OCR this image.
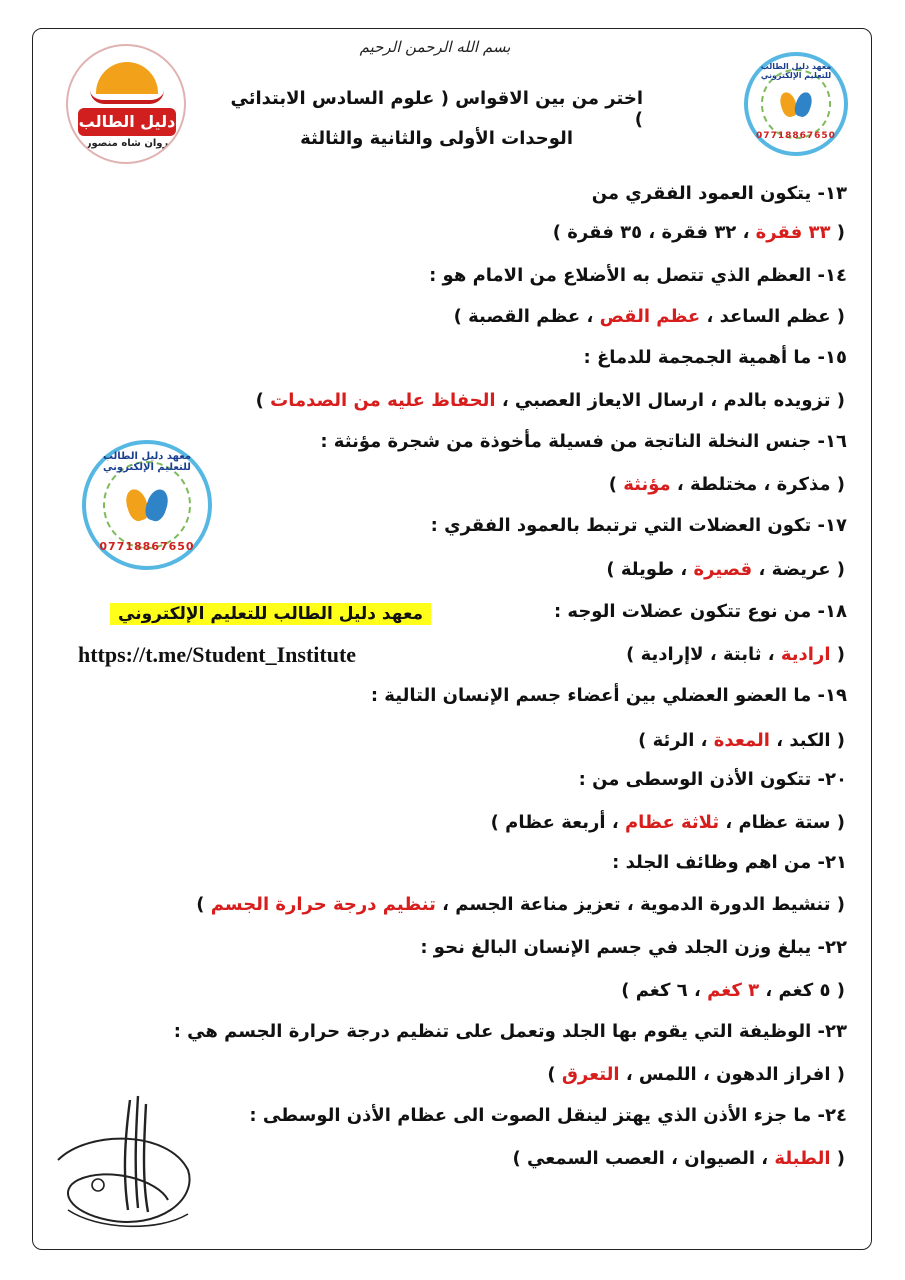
بسم الله الرحمن الرحيم
اختر من بين الاقواس ( علوم السادس الابتدائي )
الوحدات الأولى والثانية والثالثة
دليل الطالب
روان شاه منصور
معهد دليل الطالب للتعليم الإلكتروني
07718867650
معهد دليل الطالب للتعليم الإلكتروني
07718867650
معهد دليل الطالب للتعليم الإلكتروني
https://t.me/Student_Institute
١٣- يتكون العمود الفقري من
( ٣٣ فقرة ، ٣٢ فقرة ، ٣٥ فقرة )
١٤- العظم الذي تتصل به الأضلاع من الامام هو :
( عظم الساعد ، عظم القص ، عظم القصبة )
١٥- ما أهمية الجمجمة للدماغ :
( تزويده بالدم ، ارسال الايعاز العصبي ، الحفاظ عليه من الصدمات )
١٦- جنس النخلة الناتجة من فسيلة مأخوذة من شجرة مؤنثة :
( مذكرة ، مختلطة ، مؤنثة )
١٧- تكون العضلات التي ترتبط بالعمود الفقري :
( عريضة ، قصيرة ، طويلة )
١٨- من نوع تتكون عضلات الوجه :
( ارادية ، ثابتة ، لاإرادية )
١٩- ما العضو العضلي بين أعضاء جسم الإنسان التالية :
( الكبد ، المعدة ، الرئة )
٢٠- تتكون الأذن الوسطى من :
( ستة عظام ، ثلاثة عظام ، أربعة عظام )
٢١- من اهم وظائف الجلد :
( تنشيط الدورة الدموية ، تعزيز مناعة الجسم ، تنظيم درجة حرارة الجسم )
٢٢- يبلغ وزن الجلد في جسم الإنسان البالغ نحو :
( ٥ كغم ، ٣ كغم ، ٦ كغم )
٢٣- الوظيفة التي يقوم بها الجلد وتعمل على تنظيم درجة حرارة الجسم هي :
( افراز الدهون ، اللمس ، التعرق )
٢٤- ما جزء الأذن الذي يهتز لينقل الصوت الى عظام الأذن الوسطى :
( الطبلة ، الصيوان ، العصب السمعي )
